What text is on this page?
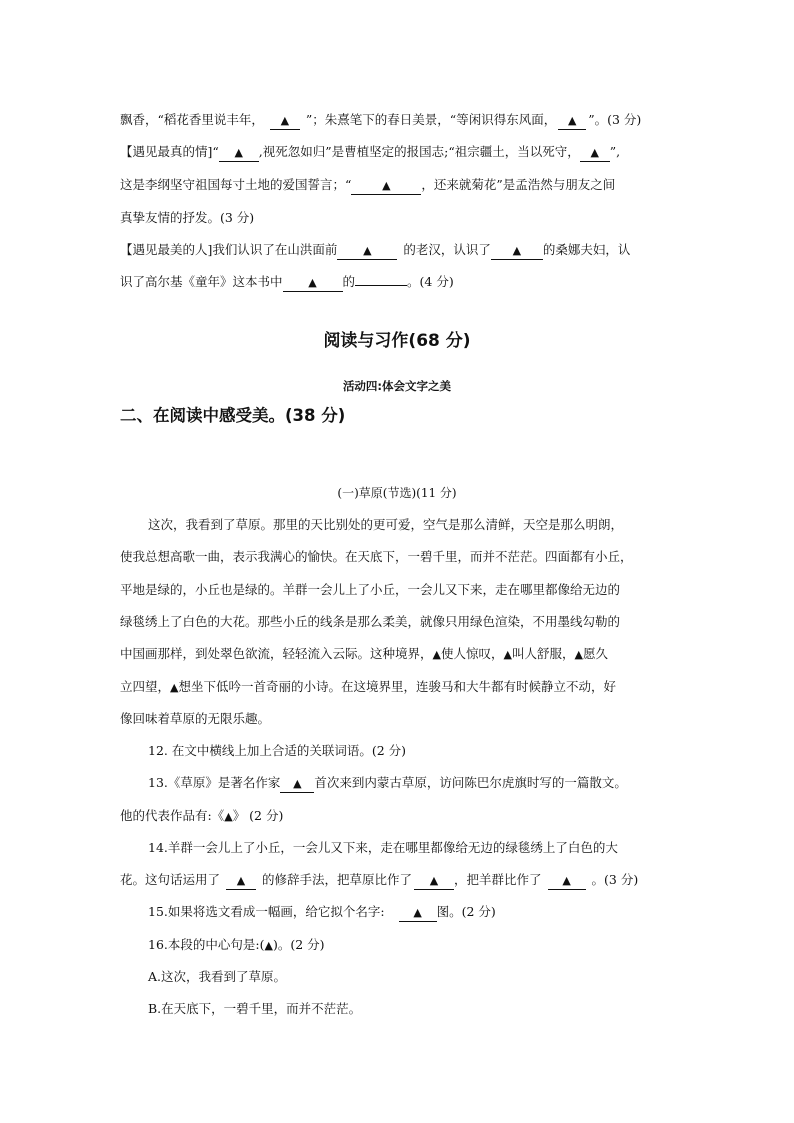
飘香，“稻花香里说丰年， ▲ ”；朱熹笔下的春日美景，“等闲识得东风面， ▲ ”。(3 分)
【遇见最真的情]“ ▲ ,视死忽如归”是曹植坚定的报国志;“祖宗疆土，当以死守， ▲ ”,
这是李纲坚守祖国每寸土地的爱国誓言；“	▲ ，还来就菊花”是孟浩然与朋友之间
真挚友情的抒发。(3 分)
【遇见最美的人]我们认识了在山洪面前 ▲	的老汉，认识了 ▲ 的桑娜夫妇，认
识了高尔基《童年》这本书中 ▲ 的	。(4 分)
阅读与习作(68 分)
活动四:体会文字之美
二、在阅读中感受美。(38 分)
(一)草原(节选)(11 分)
这次，我看到了草原。那里的天比别处的更可爱，空气是那么清鲜，天空是那么明朗，
使我总想高歌一曲，表示我满心的愉快。在天底下，一碧千里，而并不茫茫。四面都有小丘，
平地是绿的，小丘也是绿的。羊群一会儿上了小丘，一会儿又下来，走在哪里都像给无边的
绿毯绣上了白色的大花。那些小丘的线条是那么柔美，就像只用绿色渲染，不用墨线勾勒的
中国画那样，到处翠色欲流，轻轻流入云际。这种境界，▲使人惊叹，▲叫人舒服，▲愿久
立四望，▲想坐下低吟一首奇丽的小诗。在这境界里，连骏马和大牛都有时候静立不动，好
像回味着草原的无限乐趣。
12. 在文中横线上加上合适的关联词语。(2 分)
13.《草原》是著名作家 ▲ 首次来到内蒙古草原，访问陈巴尔虎旗时写的一篇散文。
他的代表作品有:《▲》 (2 分)
14.羊群一会儿上了小丘，一会儿又下来，走在哪里都像给无边的绿毯绣上了白色的大
花。这句话运用了 ▲ 的修辞手法，把草原比作了 ▲ ，把羊群比作了 ▲ 。(3 分)
15.如果将选文看成一幅画，给它拟个名字:	▲ 图。(2 分)
16.本段的中心句是:(▲)。(2 分)
A.这次，我看到了草原。
B.在天底下，一碧千里，而并不茫茫。
